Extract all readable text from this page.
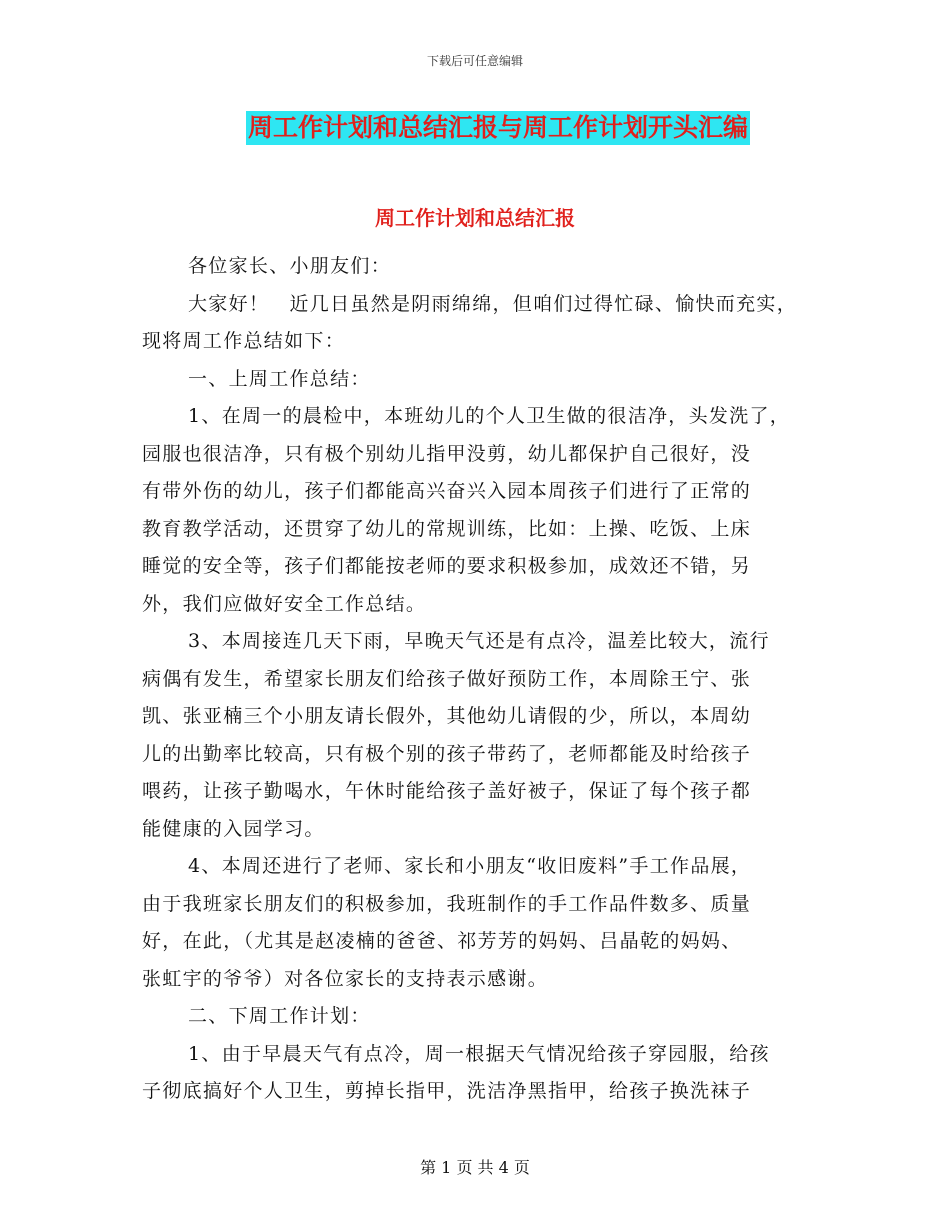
下载后可任意编辑
周工作计划和总结汇报与周工作计划开头汇编
周工作计划和总结汇报
各位家长、小朋友们：
大家好！　近几日虽然是阴雨绵绵，但咱们过得忙碌、愉快而充实，
现将周工作总结如下：
一、上周工作总结：
1、在周一的晨检中，本班幼儿的个人卫生做的很洁净，头发洗了，
园服也很洁净，只有极个别幼儿指甲没剪，幼儿都保护自己很好，没
有带外伤的幼儿，孩子们都能高兴奋兴入园本周孩子们进行了正常的
教育教学活动，还贯穿了幼儿的常规训练，比如：上操、吃饭、上床
睡觉的安全等，孩子们都能按老师的要求积极参加，成效还不错，另
外，我们应做好安全工作总结。
3、本周接连几天下雨，早晚天气还是有点冷，温差比较大，流行
病偶有发生，希望家长朋友们给孩子做好预防工作，本周除王宁、张
凯、张亚楠三个小朋友请长假外，其他幼儿请假的少，所以，本周幼
儿的出勤率比较高，只有极个别的孩子带药了，老师都能及时给孩子
喂药，让孩子勤喝水，午休时能给孩子盖好被子，保证了每个孩子都
能健康的入园学习。
4、本周还进行了老师、家长和小朋友“收旧废料”手工作品展，
由于我班家长朋友们的积极参加，我班制作的手工作品件数多、质量
好，在此，（尤其是赵凌楠的爸爸、祁芳芳的妈妈、吕晶乾的妈妈、
张虹宇的爷爷）对各位家长的支持表示感谢。
二、下周工作计划：
1、由于早晨天气有点冷，周一根据天气情况给孩子穿园服，给孩
子彻底搞好个人卫生，剪掉长指甲，洗洁净黑指甲，给孩子换洗袜子
第 1 页 共 4 页
